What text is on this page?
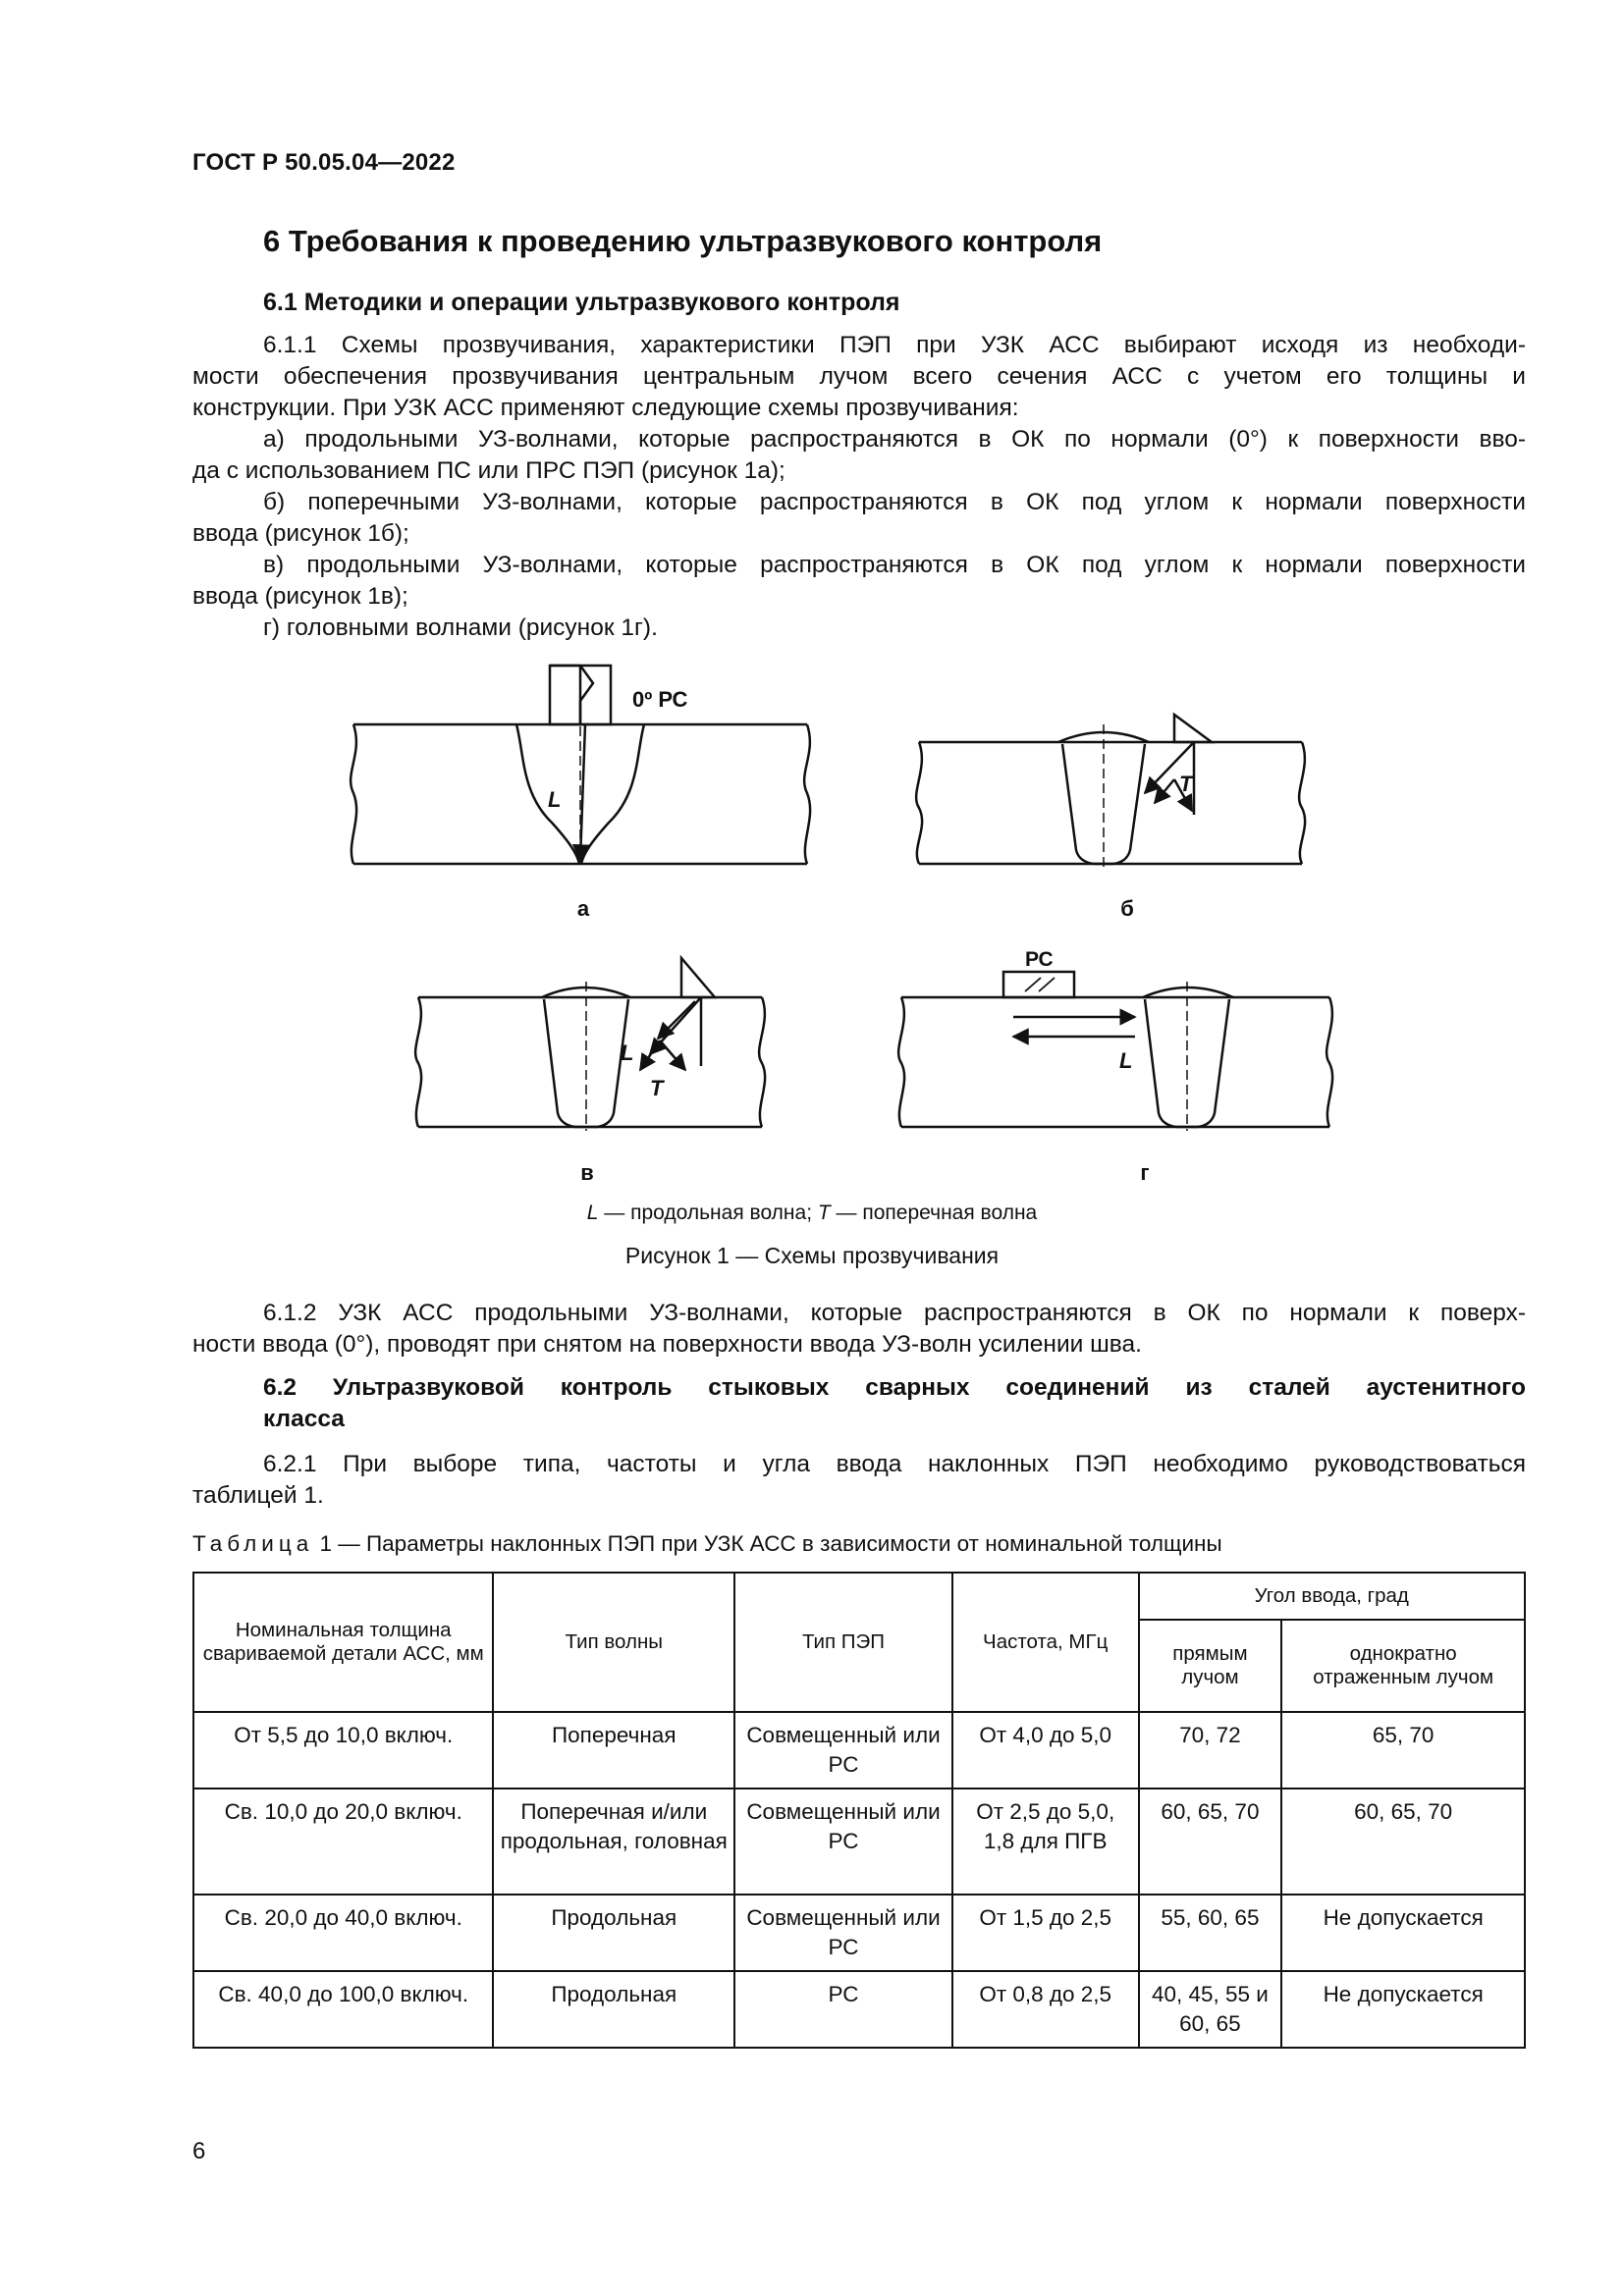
ГОСТ Р 50.05.04—2022
6 Требования к проведению ультразвукового контроля
6.1 Методики и операции ультразвукового контроля
6.1.1 Схемы прозвучивания, характеристики ПЭП при УЗК АСС выбирают исходя из необходи-
мости обеспечения прозвучивания центральным лучом всего сечения АСС с учетом его толщины и
конструкции. При УЗК АСС применяют следующие схемы прозвучивания:
а) продольными УЗ-волнами, которые распространяются в ОК по нормали (0°) к поверхности вво-
да с использованием ПС или ПРС ПЭП (рисунок 1а);
б) поперечными УЗ-волнами, которые распространяются в ОК под углом к нормали поверхности
ввода (рисунок 1б);
в) продольными УЗ-волнами, которые распространяются в ОК под углом к нормали поверхности
ввода (рисунок 1в);
г) головными волнами (рисунок 1г).
0º РС
L
T
L
T
РС
L
а	б
в	г
L — продольная волна; T — поперечная волна
Рисунок 1 — Схемы прозвучивания
6.1.2 УЗК АСС продольными УЗ-волнами, которые распространяются в ОК по нормали к поверх-
ности ввода (0°), проводят при снятом на поверхности ввода УЗ-волн усилении шва.
6.2 Ультразвуковой контроль стыковых сварных соединений из сталей аустенитного
класса
6.2.1 При выборе типа, частоты и угла ввода наклонных ПЭП необходимо руководствоваться
таблицей 1.
Таблица 1 — Параметры наклонных ПЭП при УЗК АСС в зависимости от номинальной толщины
Номинальная толщина свариваемой детали АСС, мм	Тип волны	Тип ПЭП	Частота, МГц	Угол ввода, град	
				прямым лучом	однократно отраженным лучом
От 5,5 до 10,0 включ.	Поперечная	Совмещенный или РС	От 4,0 до 5,0	70, 72	65, 70
Св. 10,0 до 20,0 включ.	Поперечная и/или продольная, головная	Совмещенный или РС	От 2,5 до 5,0, 1,8 для ПГВ	60, 65, 70	60, 65, 70
Св. 20,0 до 40,0 включ.	Продольная	Совмещенный или РС	От 1,5 до 2,5	55, 60, 65	Не допускается
Св. 40,0 до 100,0 включ.	Продольная	РС	От 0,8 до 2,5	40, 45, 55 и 60, 65	Не допускается
6
